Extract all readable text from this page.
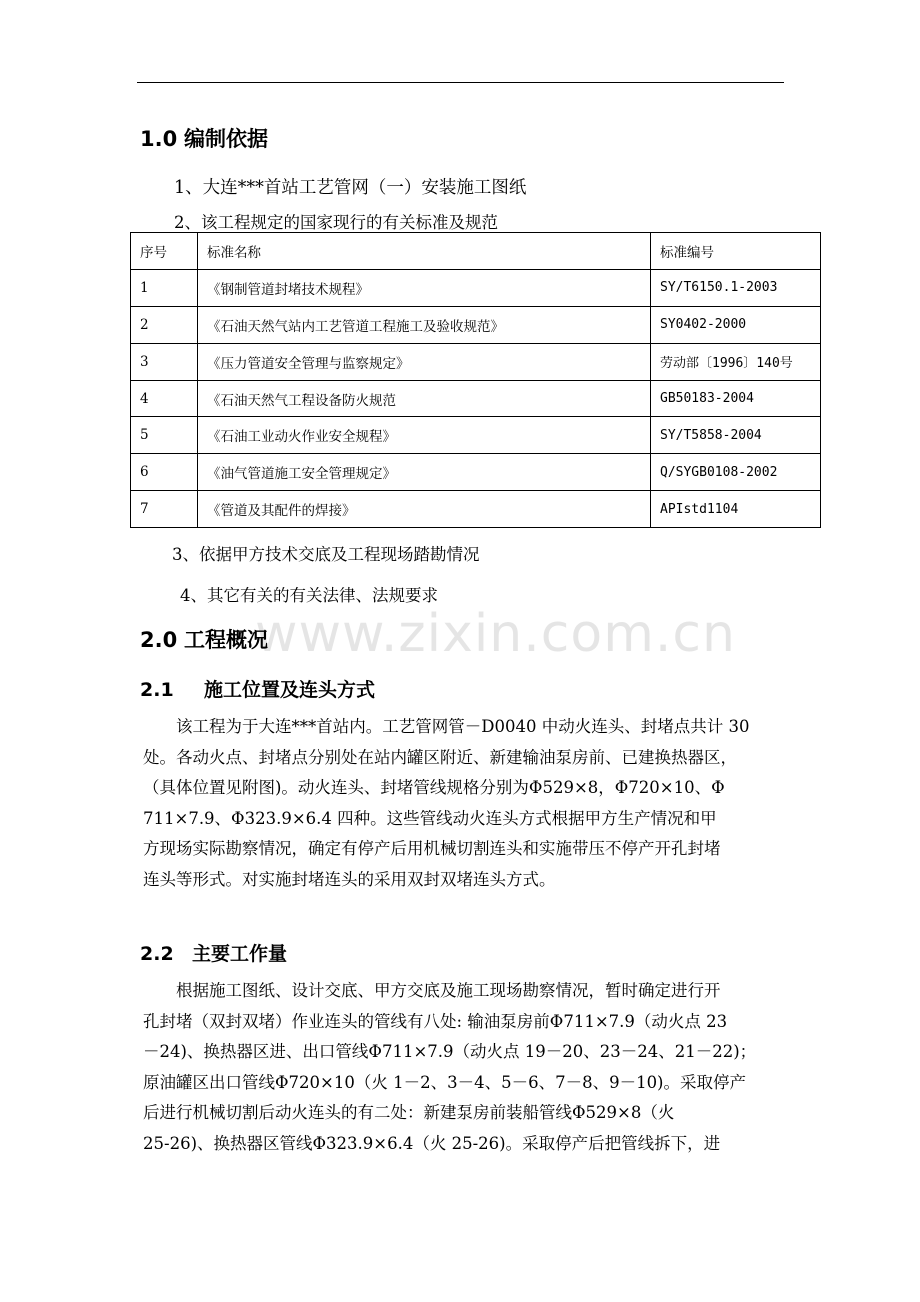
1.0 编制依据
1、大连***首站工艺管网（一）安装施工图纸
2、该工程规定的国家现行的有关标准及规范
序号	标准名称	标准编号
1	《钢制管道封堵技术规程》	SY/T6150.1-2003
2	《石油天然气站内工艺管道工程施工及验收规范》	SY0402-2000
3	《压力管道安全管理与监察规定》	劳动部〔1996〕140号
4	《石油天然气工程设备防火规范	GB50183-2004
5	《石油工业动火作业安全规程》	SY/T5858-2004
6	《油气管道施工安全管理规定》	Q/SYGB0108-2002
7	《管道及其配件的焊接》	APIstd1104
3、依据甲方技术交底及工程现场踏勘情况
4、其它有关的有关法律、法规要求
www.zixin.com.cn
2.0 工程概况
2.1 施工位置及连头方式

　　该工程为于大连***首站内。工艺管网管－D0040 中动火连头、封堵点共计 30

处。各动火点、封堵点分别处在站内罐区附近、新建输油泵房前、已建换热器区，

（具体位置见附图)。动火连头、封堵管线规格分别为Φ529×8，Φ720×10、Φ

711×7.9、Φ323.9×6.4 四种。这些管线动火连头方式根据甲方生产情况和甲

方现场实际勘察情况，确定有停产后用机械切割连头和实施带压不停产开孔封堵

连头等形式。对实施封堵连头的采用双封双堵连头方式。

2.2 主要工作量

　　根据施工图纸、设计交底、甲方交底及施工现场勘察情况，暂时确定进行开

孔封堵（双封双堵）作业连头的管线有八处: 输油泵房前Φ711×7.9（动火点 23

－24)、换热器区进、出口管线Φ711×7.9（动火点 19－20、23－24、21－22)；

原油罐区出口管线Φ720×10（火 1－2、3－4、5－6、7－8、9－10)。采取停产

后进行机械切割后动火连头的有二处：新建泵房前装船管线Φ529×8（火

25-26)、换热器区管线Φ323.9×6.4（火 25-26)。采取停产后把管线拆下，进
